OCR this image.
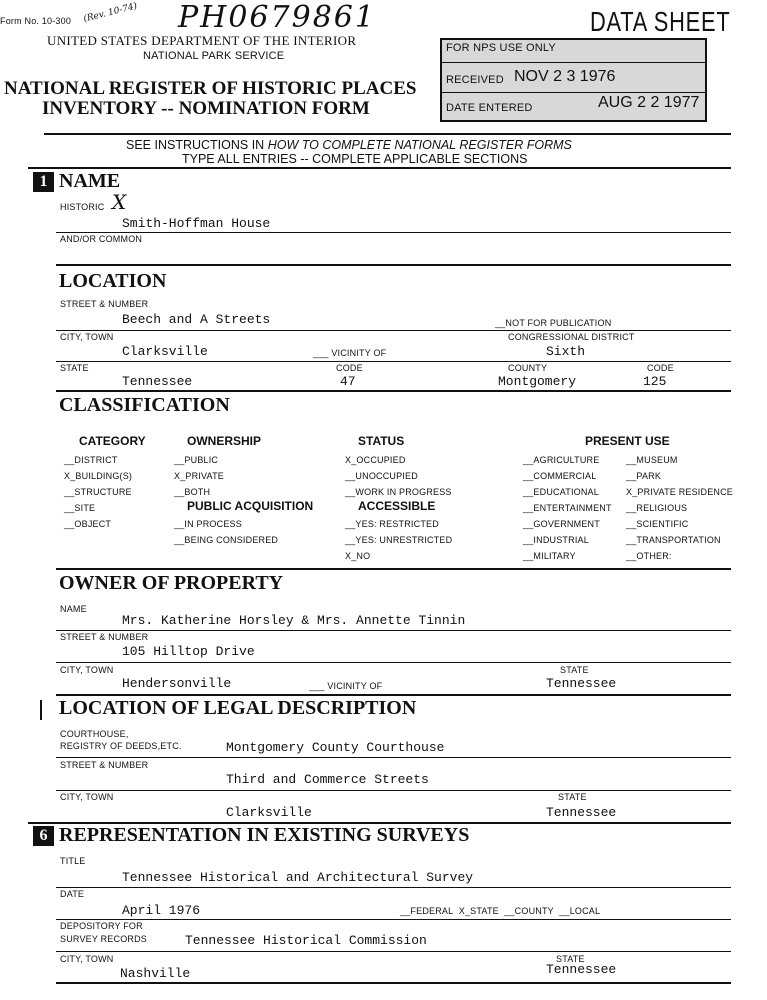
Form No. 10-300 (Rev. 10-74) PH0679861
UNITED STATES DEPARTMENT OF THE INTERIOR
NATIONAL PARK SERVICE
NATIONAL REGISTER OF HISTORIC PLACES
INVENTORY -- NOMINATION FORM
DATA SHEET
FOR NPS USE ONLY
RECEIVED NOV 2 3 1976
DATE ENTERED	AUG 2 2 1977
SEE INSTRUCTIONS IN HOW TO COMPLETE NATIONAL REGISTER FORMS
TYPE ALL ENTRIES -- COMPLETE APPLICABLE SECTIONS
1 NAME
HISTORIC X
Smith-Hoffman House
AND/OR COMMON
LOCATION
STREET & NUMBER
Beech and A Streets	__NOT FOR PUBLICATION
CITY, TOWN	CONGRESSIONAL DISTRICT
Clarksville	___ VICINITY OF	Sixth
STATE	CODE	COUNTY	CODE
Tennessee	47	Montgomery	125
CLASSIFICATION
CATEGORY
__DISTRICT
X_BUILDING(S)
__STRUCTURE
__SITE
__OBJECT
OWNERSHIP
__PUBLIC
X_PRIVATE
__BOTH
PUBLIC ACQUISITION
__IN PROCESS
__BEING CONSIDERED
STATUS
X_OCCUPIED
__UNOCCUPIED
__WORK IN PROGRESS
ACCESSIBLE
__YES: RESTRICTED
__YES: UNRESTRICTED
X_NO
PRESENT USE
__AGRICULTURE
__COMMERCIAL
__EDUCATIONAL
__ENTERTAINMENT
__GOVERNMENT
__INDUSTRIAL
__MILITARY
__MUSEUM
__PARK
X_PRIVATE RESIDENCE
__RELIGIOUS
__SCIENTIFIC
__TRANSPORTATION
__OTHER:
OWNER OF PROPERTY
NAME
Mrs. Katherine Horsley & Mrs. Annette Tinnin
STREET & NUMBER
105 Hilltop Drive
CITY, TOWN	STATE
Hendersonville	___ VICINITY OF	Tennessee
LOCATION OF LEGAL DESCRIPTION
COURTHOUSE,
REGISTRY OF DEEDS,ETC.	Montgomery County Courthouse
STREET & NUMBER
Third and Commerce Streets
CITY, TOWN	STATE
Clarksville	Tennessee
6 REPRESENTATION IN EXISTING SURVEYS
TITLE
Tennessee Historical and Architectural Survey
DATE
April 1976	__FEDERAL X_STATE __COUNTY __LOCAL
DEPOSITORY FOR
SURVEY RECORDS	Tennessee Historical Commission
CITY, TOWN	STATE
Nashville	Tennessee
